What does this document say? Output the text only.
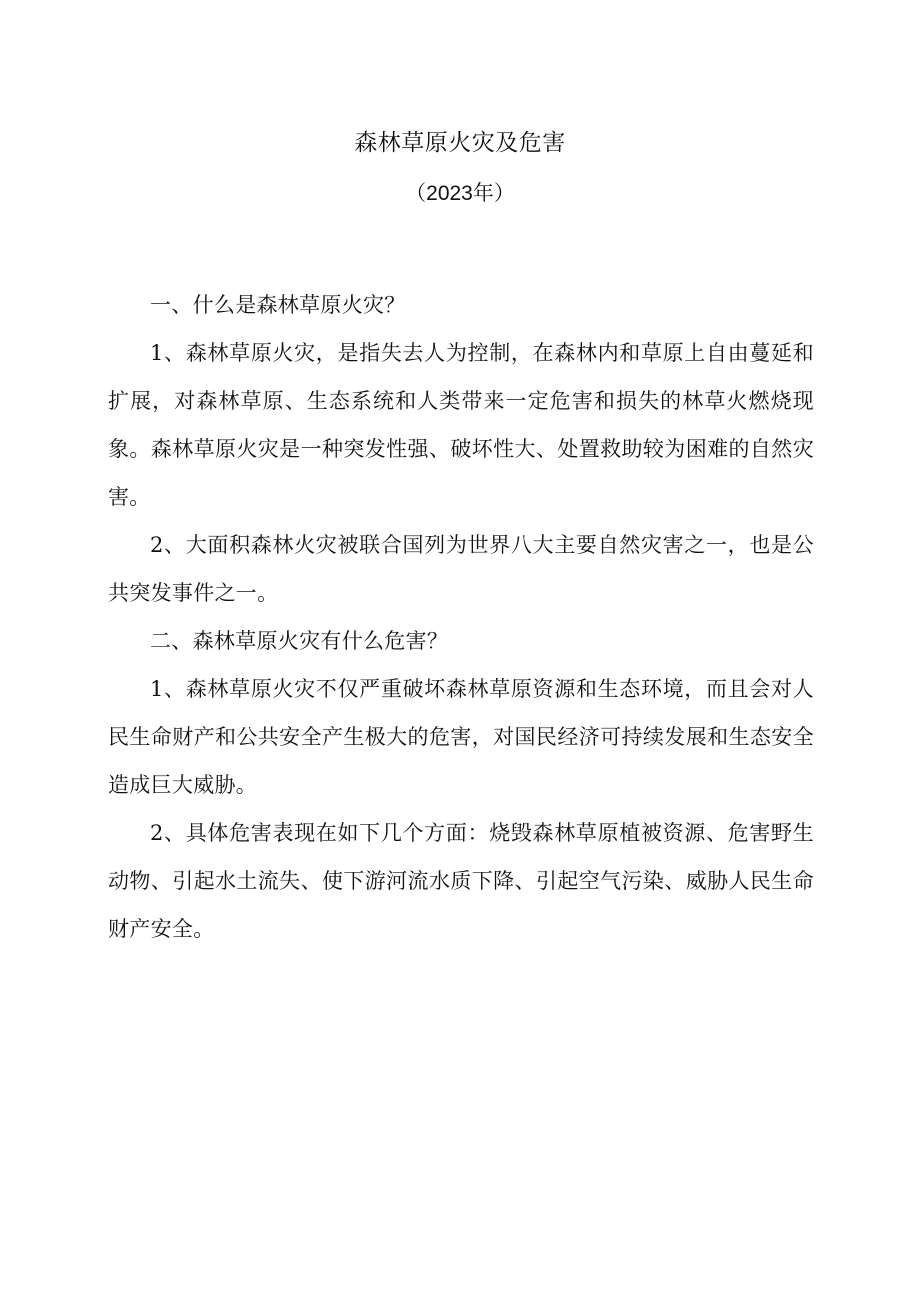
森林草原火灾及危害
（2023年）

一、什么是森林草原火灾？

1、森林草原火灾，是指失去人为控制，在森林内和草原上自由蔓延和扩展，对森林草原、生态系统和人类带来一定危害和损失的林草火燃烧现象。森林草原火灾是一种突发性强、破坏性大、处置救助较为困难的自然灾害。

2、大面积森林火灾被联合国列为世界八大主要自然灾害之一，也是公共突发事件之一。

二、森林草原火灾有什么危害？

1、森林草原火灾不仅严重破坏森林草原资源和生态环境，而且会对人民生命财产和公共安全产生极大的危害，对国民经济可持续发展和生态安全造成巨大威胁。

2、具体危害表现在如下几个方面：烧毁森林草原植被资源、危害野生动物、引起水土流失、使下游河流水质下降、引起空气污染、威胁人民生命财产安全。
